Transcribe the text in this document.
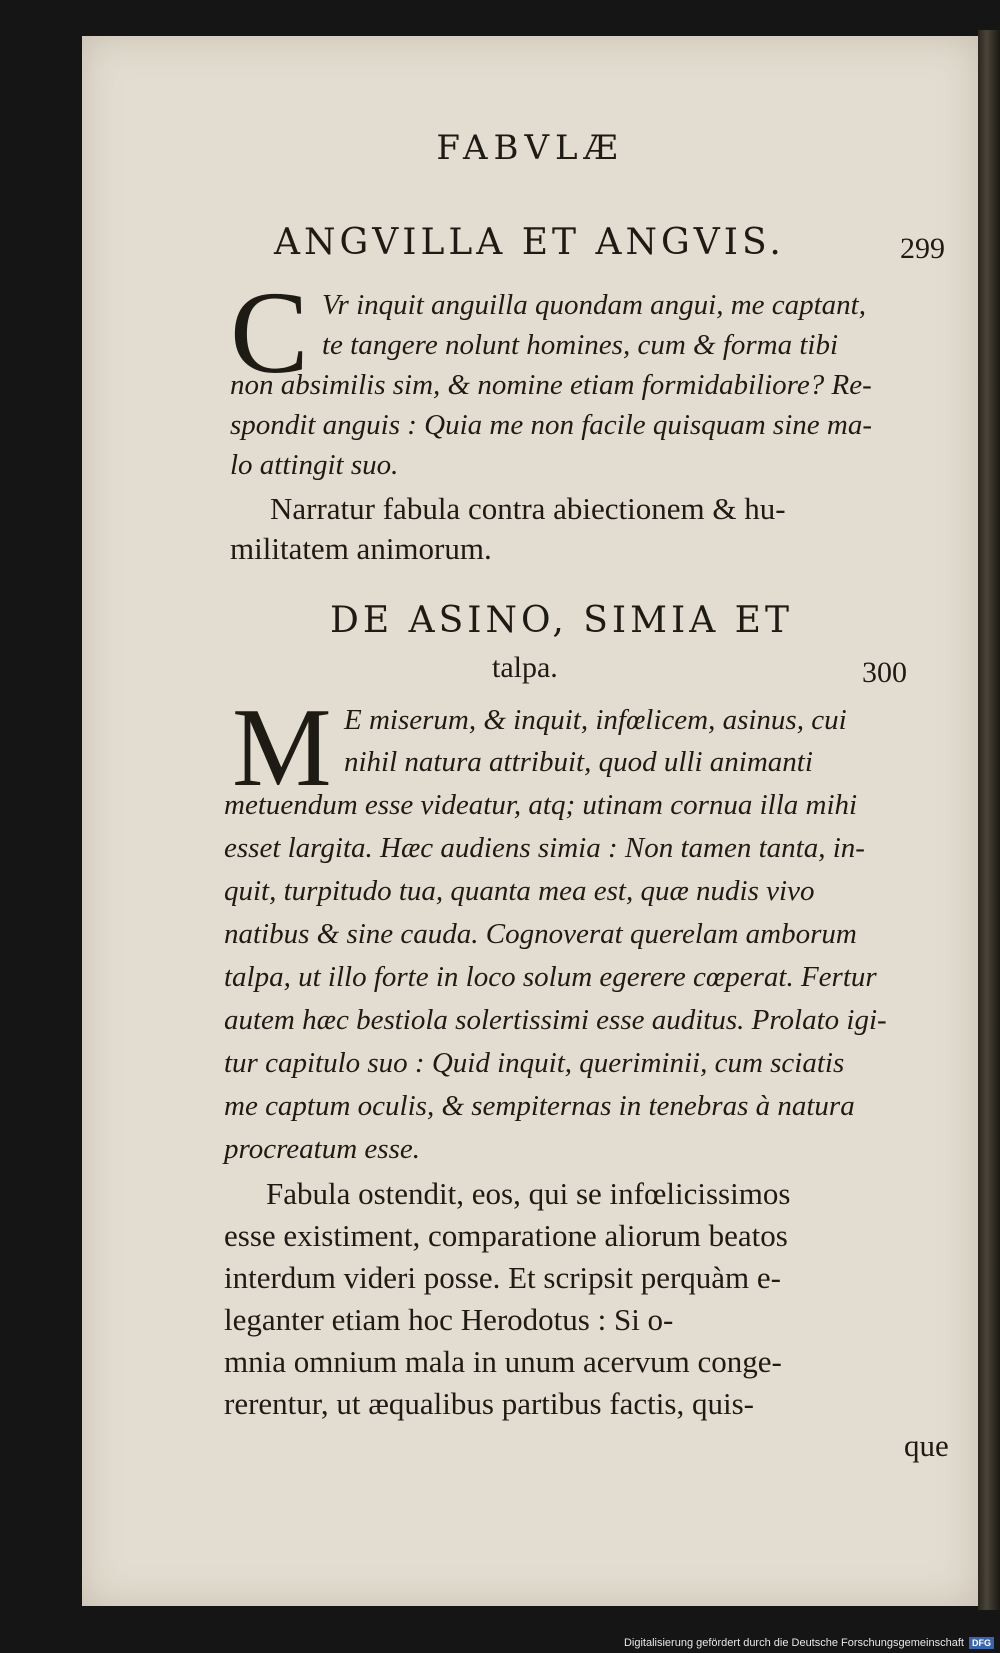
FABVLÆ
ANGVILLA ET ANGVIS.	299
C Vr inquit anguilla quondam angui, me captant,
te tangere nolunt homines, cum & forma tibi
non absimilis sim, & nomine etiam formidabiliore? Re-
spondit anguis : Quia me non facile quisquam sine ma-
lo attingit suo.
Narratur fabula contra abiectionem & hu-
militatem animorum.
DE ASINO, SIMIA ET
talpa.	300
M E miserum, & inquit, infœlicem, asinus, cui
nihil natura attribuit, quod ulli animanti
metuendum esse videatur, atq; utinam cornua illa mihi
esset largita. Hæc audiens simia : Non tamen tanta, in-
quit, turpitudo tua, quanta mea est, quæ nudis vivo
natibus & sine cauda. Cognoverat querelam amborum
talpa, ut illo forte in loco solum egerere cœperat. Fertur
autem hæc bestiola solertissimi esse auditus. Prolato igi-
tur capitulo suo : Quid inquit, queriminii, cum sciatis
me captum oculis, & sempiternas in tenebras à natura
procreatum esse.
Fabula ostendit, eos, qui se infœlicissimos
esse existiment, comparatione aliorum beatos
interdum videri posse. Et scripsit perquàm e-
leganter etiam hoc Herodotus : Si o-
mnia omnium mala in unum acervum conge-
rerentur, ut æqualibus partibus factis, quis-
que
Digitalisierung gefördert durch die Deutsche Forschungsgemeinschaft DFG
